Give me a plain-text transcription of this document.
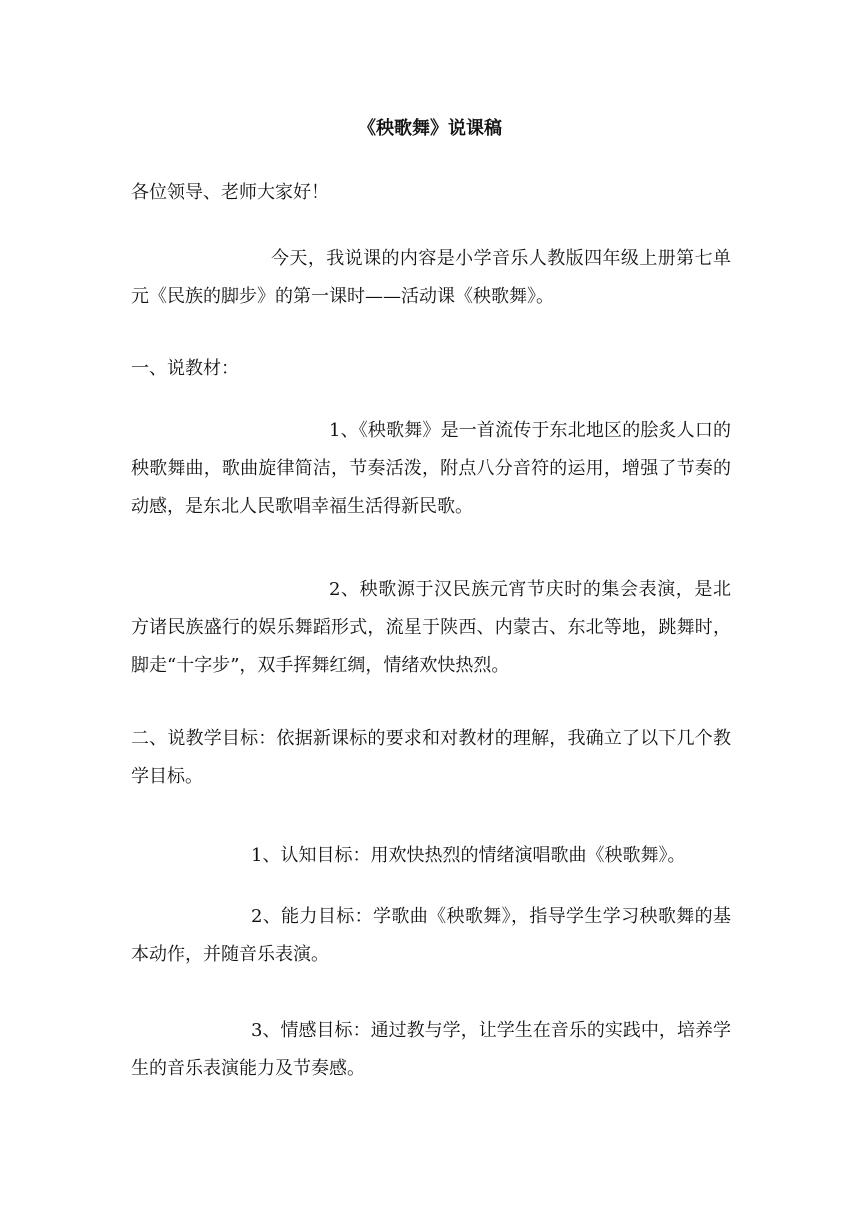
《秧歌舞》说课稿

各位领导、老师大家好！

今天，我说课的内容是小学音乐人教版四年级上册第七单元《民族的脚步》的第一课时——活动课《秧歌舞》。

一、说教材：

1、《秧歌舞》是一首流传于东北地区的脍炙人口的秧歌舞曲，歌曲旋律简洁，节奏活泼，附点八分音符的运用，增强了节奏的动感，是东北人民歌唱幸福生活得新民歌。

2、秧歌源于汉民族元宵节庆时的集会表演，是北方诸民族盛行的娱乐舞蹈形式，流星于陕西、内蒙古、东北等地，跳舞时，脚走“十字步”，双手挥舞红绸，情绪欢快热烈。

二、说教学目标：依据新课标的要求和对教材的理解，我确立了以下几个教学目标。

1、认知目标：用欢快热烈的情绪演唱歌曲《秧歌舞》。

2、能力目标：学歌曲《秧歌舞》，指导学生学习秧歌舞的基本动作，并随音乐表演。

3、情感目标：通过教与学，让学生在音乐的实践中，培养学生的音乐表演能力及节奏感。
